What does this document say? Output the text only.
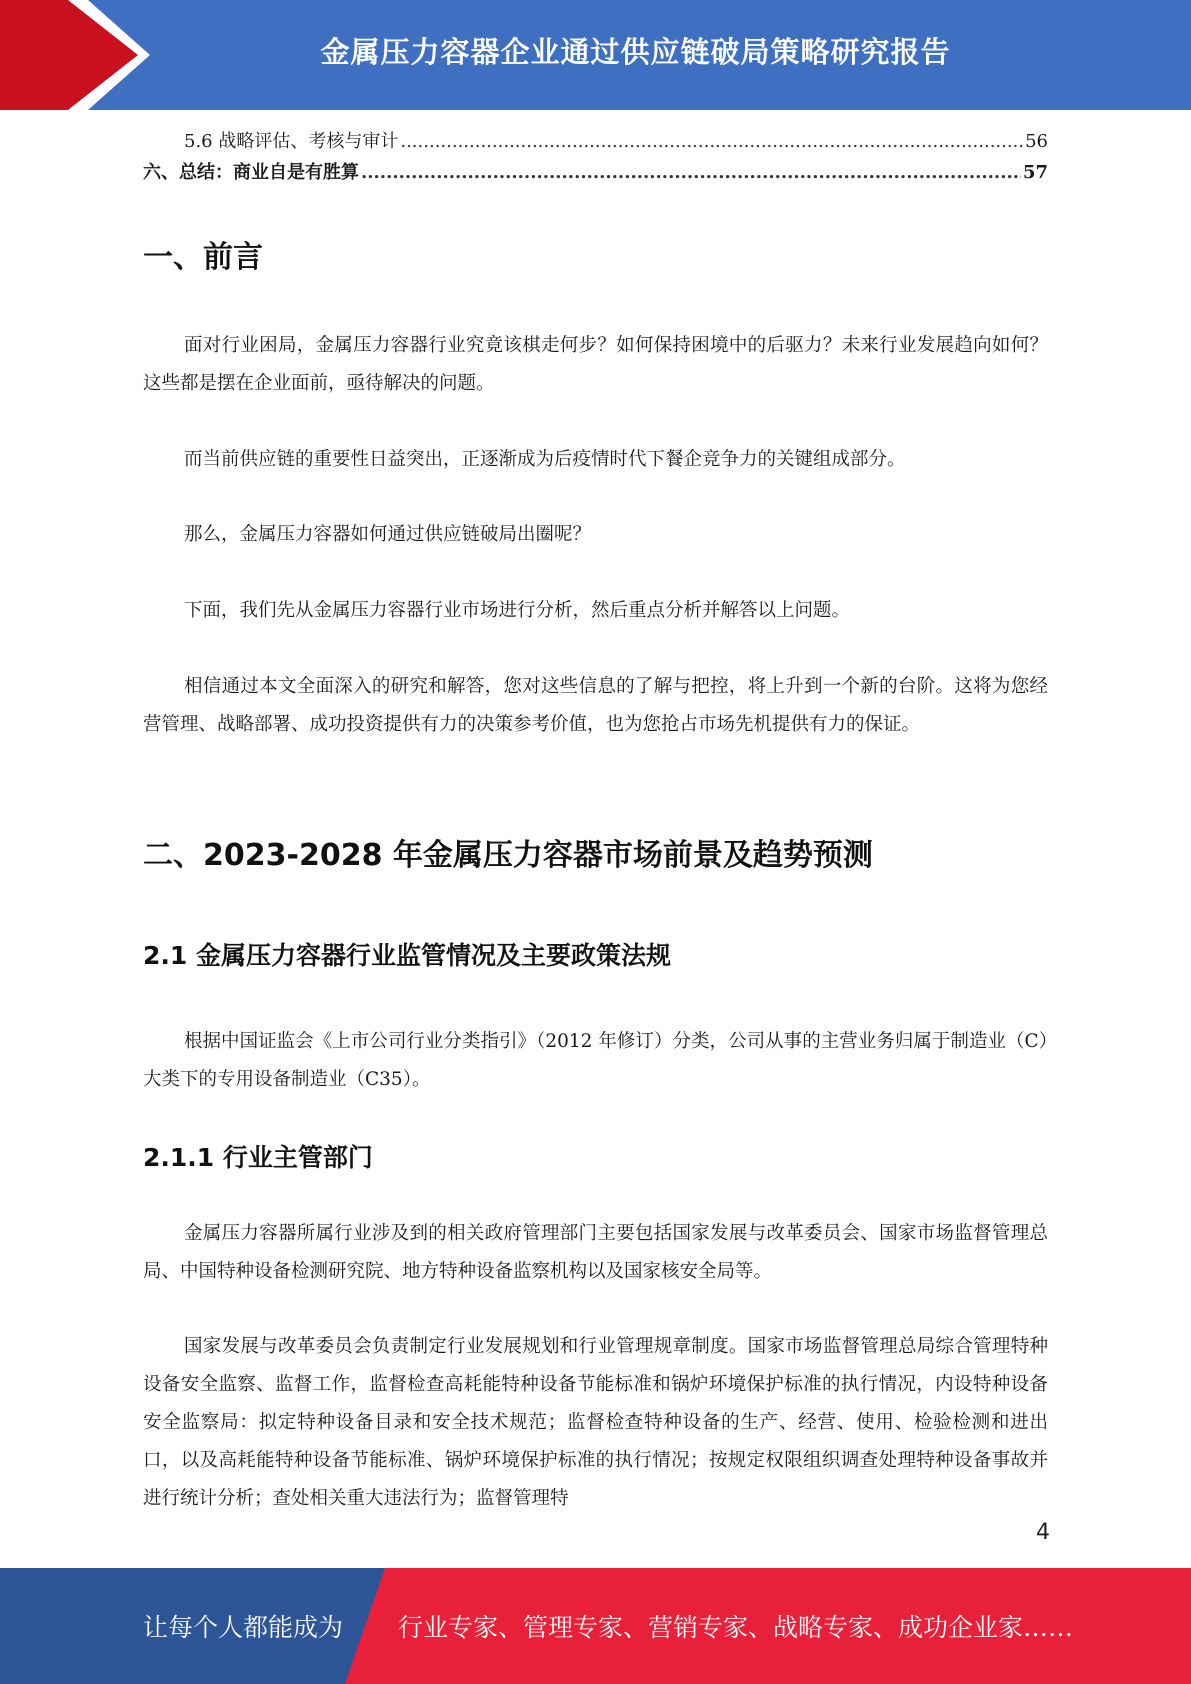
金属压力容器企业通过供应链破局策略研究报告
5.6 战略评估、考核与审计 .....	56
六、总结：商业自是有胜算 .....	57
一、前言

面对行业困局，金属压力容器行业究竟该棋走何步？如何保持困境中的后驱力？未来行业发展趋向如何？这些都是摆在企业面前，亟待解决的问题。

而当前供应链的重要性日益突出，正逐渐成为后疫情时代下餐企竞争力的关键组成部分。

那么，金属压力容器如何通过供应链破局出圈呢？

下面，我们先从金属压力容器行业市场进行分析，然后重点分析并解答以上问题。

相信通过本文全面深入的研究和解答，您对这些信息的了解与把控，将上升到一个新的台阶。这将为您经营管理、战略部署、成功投资提供有力的决策参考价值，也为您抢占市场先机提供有力的保证。

二、2023-2028 年金属压力容器市场前景及趋势预测
2.1 金属压力容器行业监管情况及主要政策法规

根据中国证监会《上市公司行业分类指引》（2012 年修订）分类，公司从事的主营业务归属于制造业（C）大类下的专用设备制造业（C35）。

2.1.1 行业主管部门

金属压力容器所属行业涉及到的相关政府管理部门主要包括国家发展与改革委员会、国家市场监督管理总局、中国特种设备检测研究院、地方特种设备监察机构以及国家核安全局等。

国家发展与改革委员会负责制定行业发展规划和行业管理规章制度。国家市场监督管理总局综合管理特种设备安全监察、监督工作，监督检查高耗能特种设备节能标准和锅炉环境保护标准的执行情况，内设特种设备安全监察局：拟定特种设备目录和安全技术规范；监督检查特种设备的生产、经营、使用、检验检测和进出口，以及高耗能特种设备节能标准、锅炉环境保护标准的执行情况；按规定权限组织调查处理特种设备事故并进行统计分析；查处相关重大违法行为；监督管理特

4
让每个人都能成为 行业专家、管理专家、营销专家、战略专家、成功企业家……
